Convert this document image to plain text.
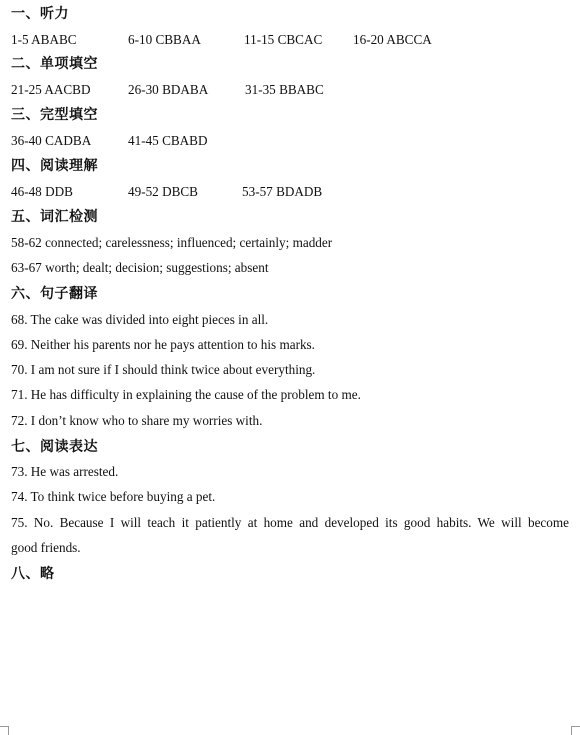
一、听力
1-5 ABABC	6-10 CBBAA	11-15 CBCAC 16-20 ABCCA
二、单项填空
21-25 AACBD	26-30 BDABA	31-35 BBABC
三、完型填空
36-40 CADBA	41-45 CBABD
四、阅读理解
46-48 DDB	49-52 DBCB	53-57 BDADB
五、词汇检测
58-62 connected; carelessness; influenced; certainly; madder
63-67 worth; dealt; decision; suggestions; absent
六、句子翻译
68. The cake was divided into eight pieces in all.
69. Neither his parents nor he pays attention to his marks.
70. I am not sure if I should think twice about everything.
71. He has difficulty in explaining the cause of the problem to me.
72. I don’t know who to share my worries with.
七、阅读表达
73. He was arrested.
74. To think twice before buying a pet.
75. No. Because I will teach it patiently at home and developed its good habits. We will become
good friends.
八、略
